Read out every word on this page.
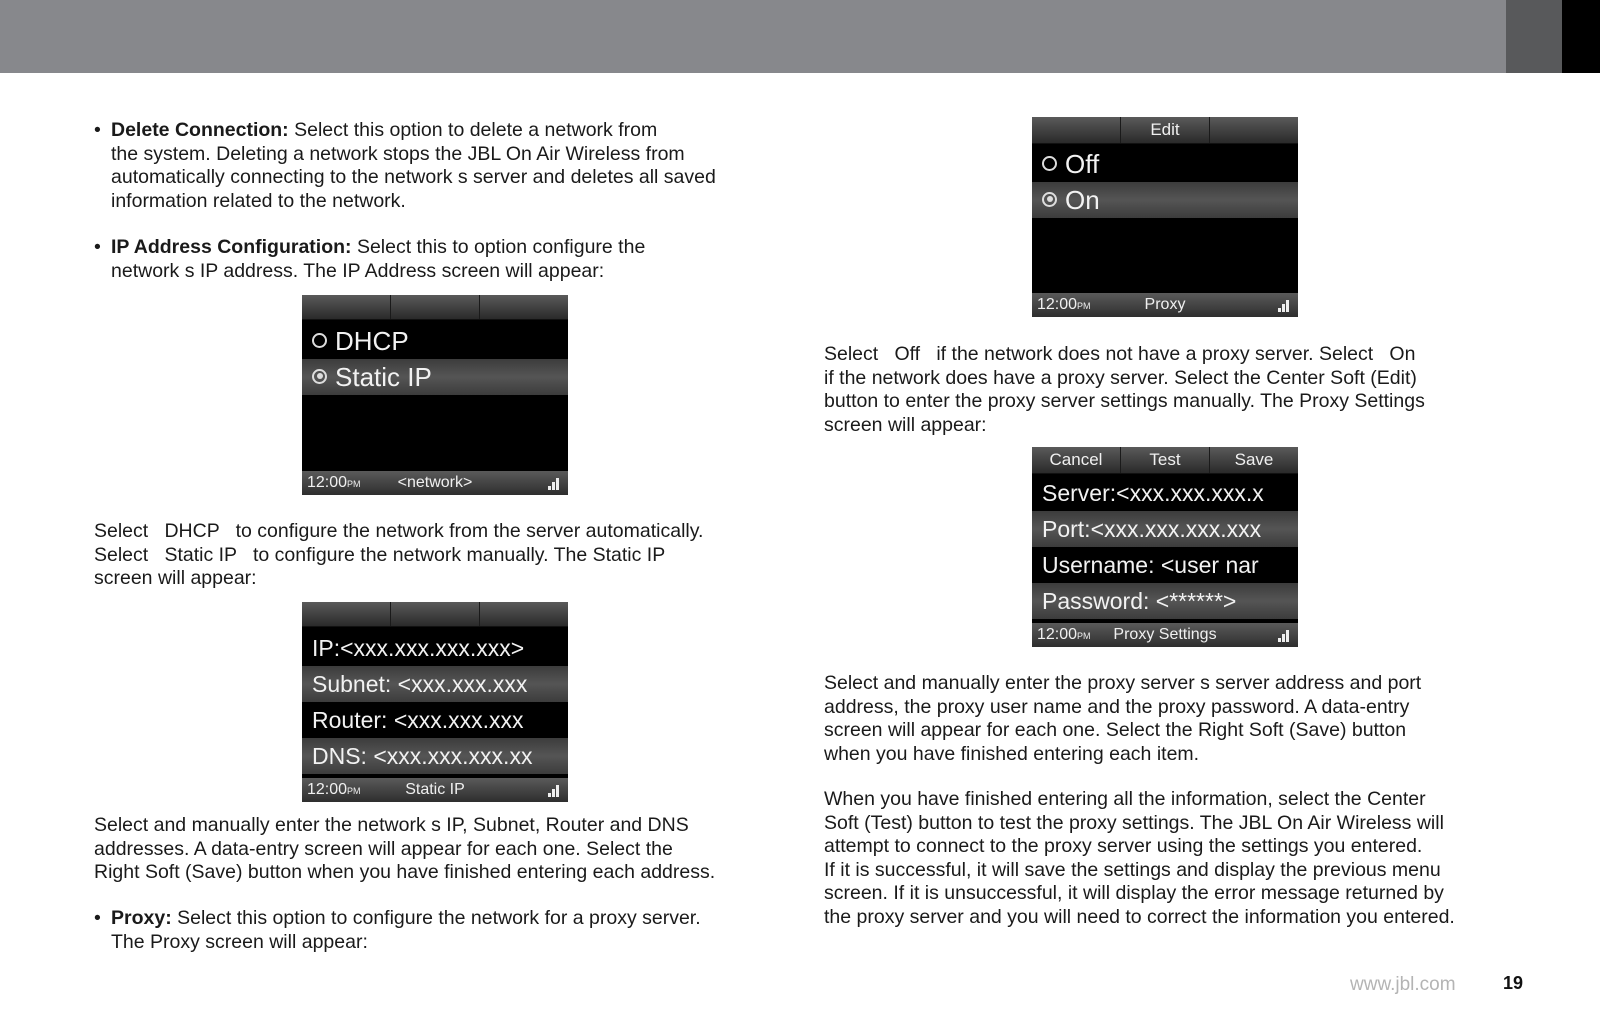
• Delete Connection: Select this option to delete a network from

the system. Deleting a network stops the JBL On Air Wireless from

automatically connecting to the network s server and deletes all saved

information related to the network.

• IP Address Configuration: Select this to option configure the

network s IP address. The IP Address screen will appear:

DHCP
Static IP
12:00PM	<network>

Select   DHCP   to configure the network from the server automatically.

Select   Static IP   to configure the network manually. The Static IP

screen will appear:

IP:<xxx.xxx.xxx.xxx>
Subnet: <xxx.xxx.xxx
Router: <xxx.xxx.xxx
DNS: <xxx.xxx.xxx.xx
12:00PM	Static IP

Select and manually enter the network s IP, Subnet, Router and DNS

addresses. A data-entry screen will appear for each one. Select the

Right Soft (Save) button when you have finished entering each address.

• Proxy: Select this option to configure the network for a proxy server.

The Proxy screen will appear:

Edit
Off
On
12:00PM	Proxy

Select   Off   if the network does not have a proxy server. Select   On

if the network does have a proxy server. Select the Center Soft (Edit)

button to enter the proxy server settings manually. The Proxy Settings

screen will appear:

Cancel	Test	Save
Server:<xxx.xxx.xxx.x
Port:<xxx.xxx.xxx.xxx
Username: <user nar
Password: <******>
12:00PM	Proxy Settings

Select and manually enter the proxy server s server address and port

address, the proxy user name and the proxy password. A data-entry

screen will appear for each one. Select the Right Soft (Save) button

when you have finished entering each item.

When you have finished entering all the information, select the Center

Soft (Test) button to test the proxy settings. The JBL On Air Wireless will

attempt to connect to the proxy server using the settings you entered.

If it is successful, it will save the settings and display the previous menu

screen. If it is unsuccessful, it will display the error message returned by

the proxy server and you will need to correct the information you entered.

www.jbl.com	19
